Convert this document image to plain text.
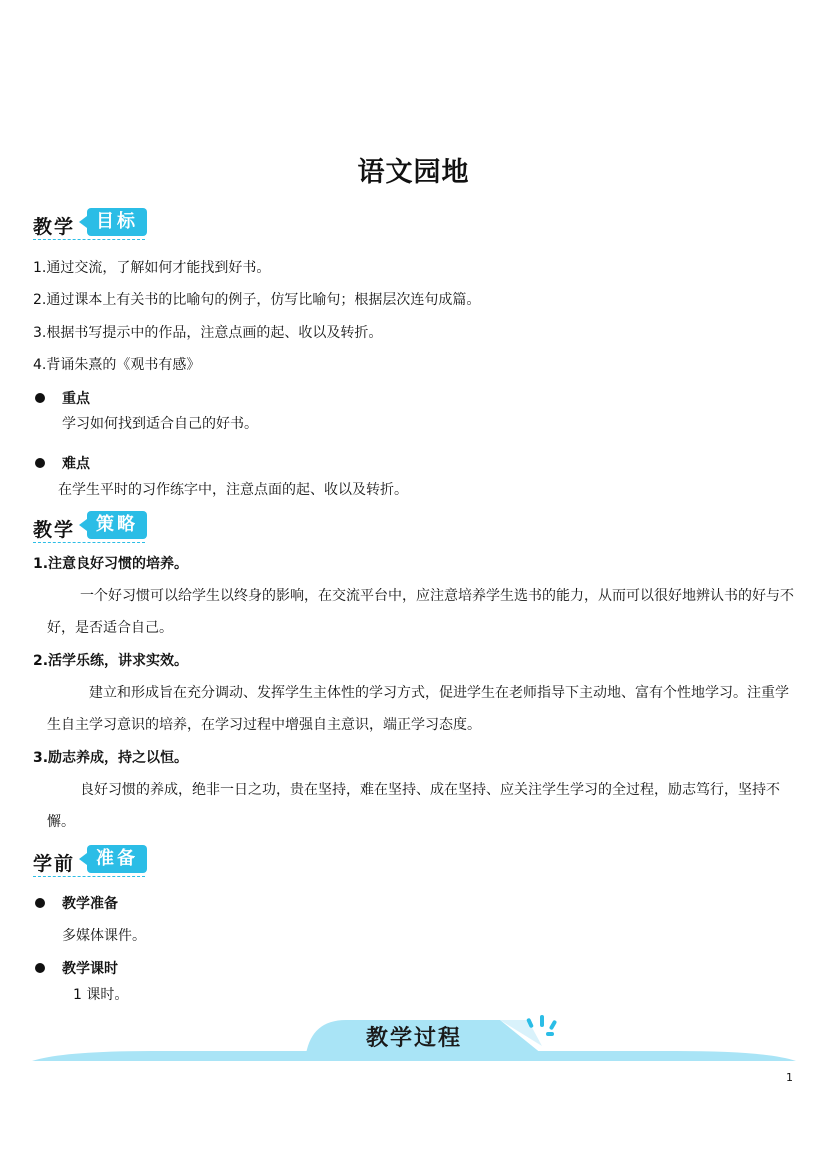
语文园地
教学	目标
1.通过交流，了解如何才能找到好书。
2.通过课本上有关书的比喻句的例子，仿写比喻句；根据层次连句成篇。
3.根据书写提示中的作品，注意点画的起、收以及转折。
4.背诵朱熹的《观书有感》
重点
学习如何找到适合自己的好书。
难点
在学生平时的习作练字中，注意点面的起、收以及转折。
教学	策略
1.注意良好习惯的培养。
一个好习惯可以给学生以终身的影响，在交流平台中，应注意培养学生选书的能力，从而可以很好地辨认书的好与不好，是否适合自己。
2.活学乐练，讲求实效。
建立和形成旨在充分调动、发挥学生主体性的学习方式，促进学生在老师指导下主动地、富有个性地学习。注重学生自主学习意识的培养，在学习过程中增强自主意识，端正学习态度。
3.励志养成，持之以恒。
良好习惯的养成，绝非一日之功，贵在坚持，难在坚持、成在坚持、应关注学生学习的全过程，励志笃行，坚持不懈。
学前	准备
教学准备
多媒体课件。
教学课时
1 课时。
教学过程
1
